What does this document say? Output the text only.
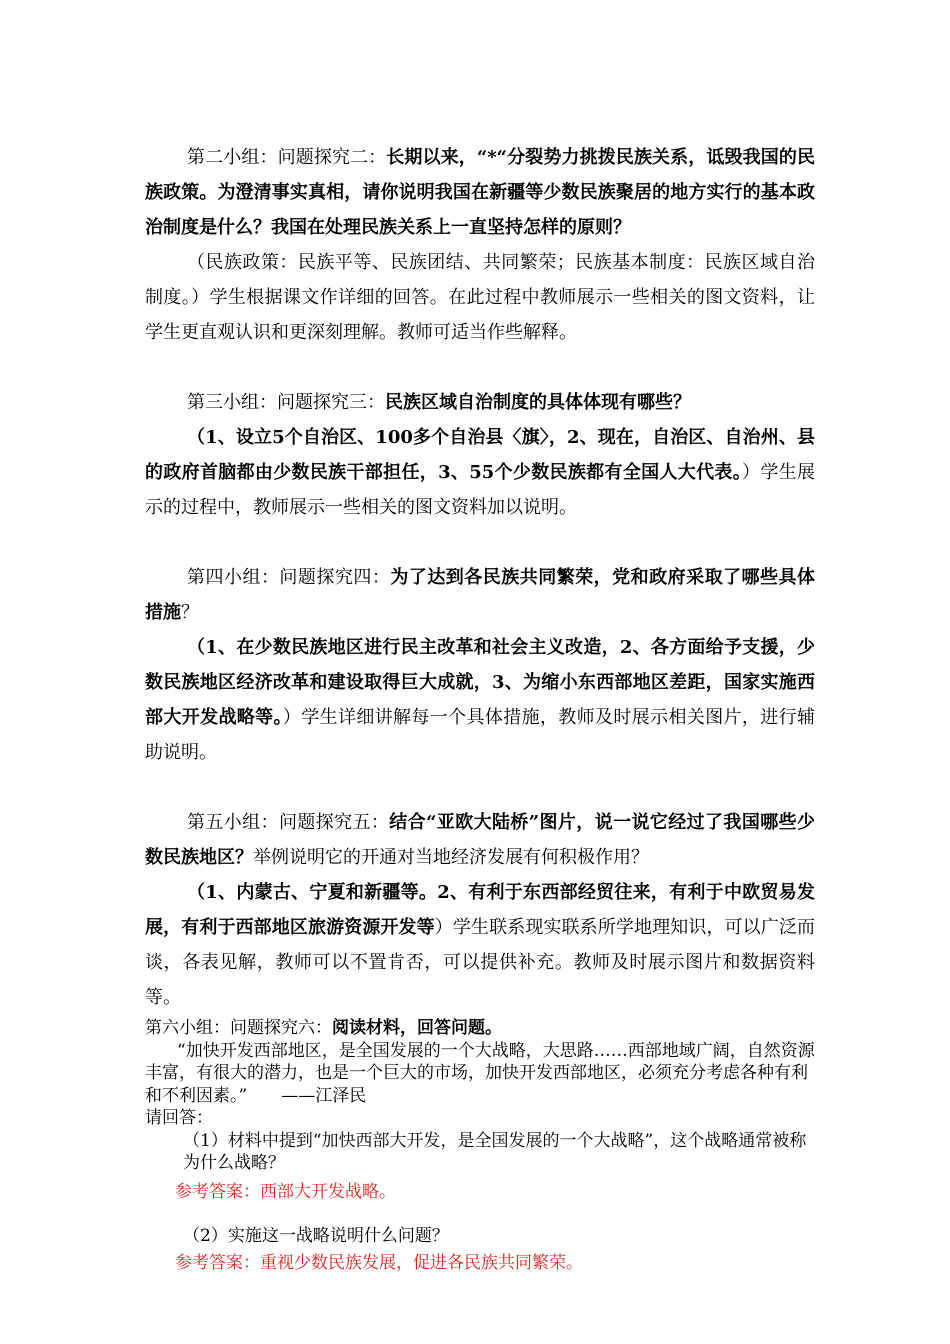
第二小组：问题探究二：长期以来，“*“分裂势力挑拨民族关系，诋毁我国的民族政策。为澄清事实真相，请你说明我国在新疆等少数民族聚居的地方实行的基本政治制度是什么？我国在处理民族关系上一直坚持怎样的原则？

（民族政策：民族平等、民族团结、共同繁荣；民族基本制度：民族区域自治制度。）学生根据课文作详细的回答。在此过程中教师展示一些相关的图文资料，让学生更直观认识和更深刻理解。教师可适当作些解释。

第三小组：问题探究三：民族区域自治制度的具体体现有哪些？

（1、设立5个自治区、100多个自治县〈旗〉，2、现在，自治区、自治州、县的政府首脑都由少数民族干部担任，3、55个少数民族都有全国人大代表。）学生展示的过程中，教师展示一些相关的图文资料加以说明。

第四小组：问题探究四：为了达到各民族共同繁荣，党和政府采取了哪些具体措施？

（1、在少数民族地区进行民主改革和社会主义改造，2、各方面给予支援，少数民族地区经济改革和建设取得巨大成就，3、为缩小东西部地区差距，国家实施西部大开发战略等。）学生详细讲解每一个具体措施，教师及时展示相关图片，进行辅助说明。

第五小组：问题探究五：结合“亚欧大陆桥”图片，说一说它经过了我国哪些少数民族地区？举例说明它的开通对当地经济发展有何积极作用？

（1、内蒙古、宁夏和新疆等。2、有利于东西部经贸往来，有利于中欧贸易发展，有利于西部地区旅游资源开发等）学生联系现实联系所学地理知识，可以广泛而谈，各表见解，教师可以不置肯否，可以提供补充。教师及时展示图片和数据资料等。

第六小组：问题探究六：阅读材料，回答问题。

“加快开发西部地区，是全国发展的一个大战略，大思路……西部地域广阔，自然资源丰富，有很大的潜力，也是一个巨大的市场，加快开发西部地区，必须充分考虑各种有利和不利因素。”　　——江泽民

请回答：

（1）材料中提到“加快西部大开发，是全国发展的一个大战略”，这个战略通常被称为什么战略？

参考答案：西部大开发战略。

（2）实施这一战略说明什么问题？

参考答案：重视少数民族发展，促进各民族共同繁荣。
